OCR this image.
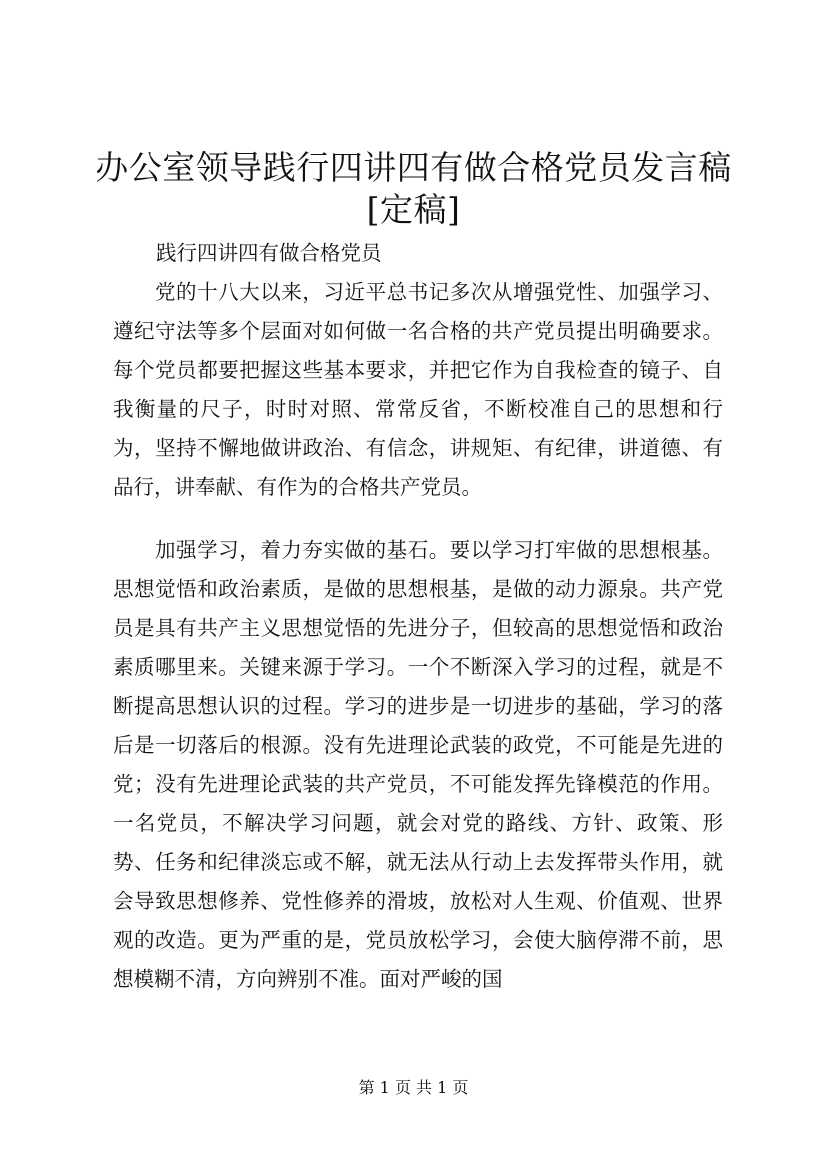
办公室领导践行四讲四有做合格党员发言稿
[定稿]

践行四讲四有做合格党员

党的十八大以来，习近平总书记多次从增强党性、加强学习、遵纪守法等多个层面对如何做一名合格的共产党员提出明确要求。每个党员都要把握这些基本要求，并把它作为自我检查的镜子、自我衡量的尺子，时时对照、常常反省，不断校准自己的思想和行为，坚持不懈地做讲政治、有信念，讲规矩、有纪律，讲道德、有品行，讲奉献、有作为的合格共产党员。

加强学习，着力夯实做的基石。要以学习打牢做的思想根基。思想觉悟和政治素质，是做的思想根基，是做的动力源泉。共产党员是具有共产主义思想觉悟的先进分子，但较高的思想觉悟和政治素质哪里来。关键来源于学习。一个不断深入学习的过程，就是不断提高思想认识的过程。学习的进步是一切进步的基础，学习的落后是一切落后的根源。没有先进理论武装的政党，不可能是先进的党；没有先进理论武装的共产党员，不可能发挥先锋模范的作用。一名党员，不解决学习问题，就会对党的路线、方针、政策、形势、任务和纪律淡忘或不解，就无法从行动上去发挥带头作用，就会导致思想修养、党性修养的滑坡，放松对人生观、价值观、世界观的改造。更为严重的是，党员放松学习，会使大脑停滞不前，思想模糊不清，方向辨别不准。面对严峻的国

第 1 页 共 1 页
